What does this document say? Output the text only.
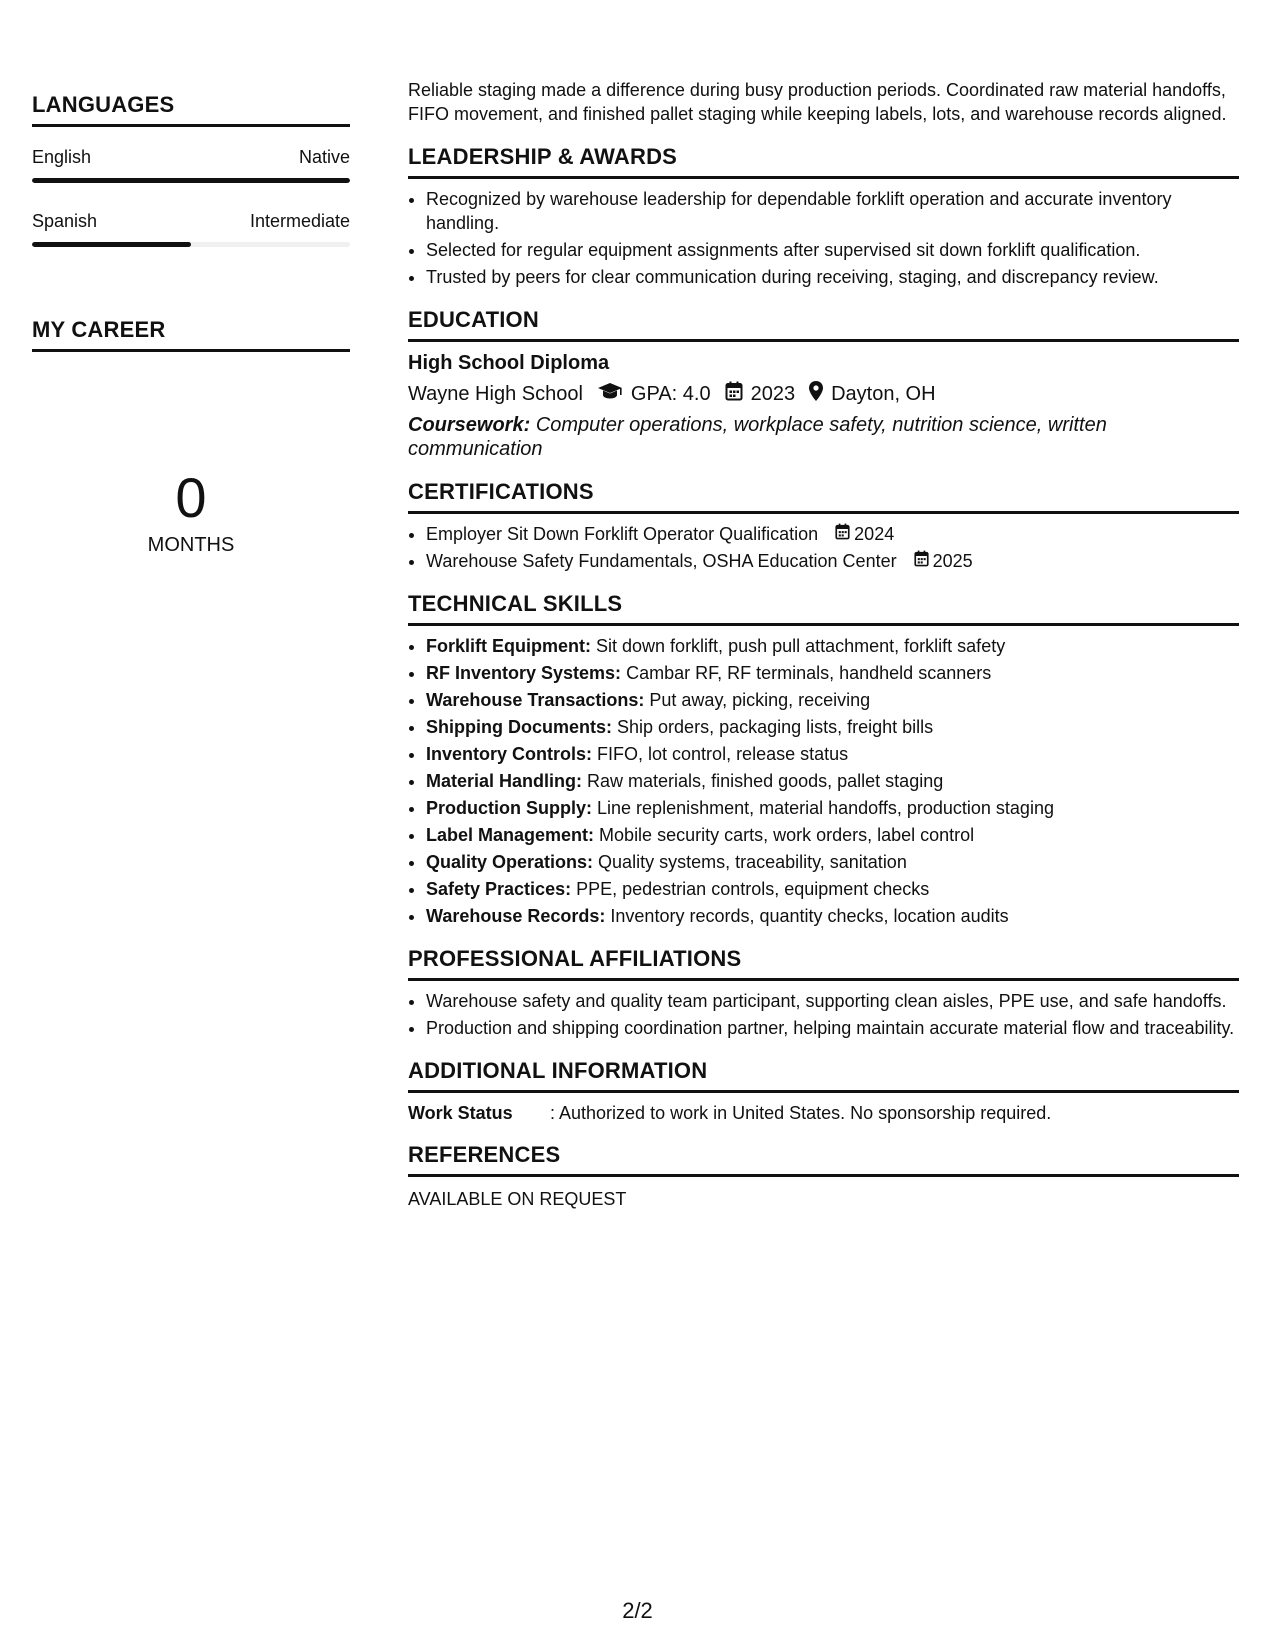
LANGUAGES
English	Native
Spanish	Intermediate
MY CAREER
0
MONTHS

Reliable staging made a difference during busy production periods. Coordinated raw material handoffs, FIFO movement, and finished pallet staging while keeping labels, lots, and warehouse records aligned.

LEADERSHIP & AWARDS
• Recognized by warehouse leadership for dependable forklift operation and accurate inventory handling.
• Selected for regular equipment assignments after supervised sit down forklift qualification.
• Trusted by peers for clear communication during receiving, staging, and discrepancy review.
EDUCATION
High School Diploma
Wayne High School GPA: 4.0 2023 Dayton, OH
Coursework: Computer operations, workplace safety, nutrition science, written communication
CERTIFICATIONS
• Employer Sit Down Forklift Operator Qualification 2024
• Warehouse Safety Fundamentals, OSHA Education Center 2025
TECHNICAL SKILLS
• Forklift Equipment: Sit down forklift, push pull attachment, forklift safety
• RF Inventory Systems: Cambar RF, RF terminals, handheld scanners
• Warehouse Transactions: Put away, picking, receiving
• Shipping Documents: Ship orders, packaging lists, freight bills
• Inventory Controls: FIFO, lot control, release status
• Material Handling: Raw materials, finished goods, pallet staging
• Production Supply: Line replenishment, material handoffs, production staging
• Label Management: Mobile security carts, work orders, label control
• Quality Operations: Quality systems, traceability, sanitation
• Safety Practices: PPE, pedestrian controls, equipment checks
• Warehouse Records: Inventory records, quantity checks, location audits
PROFESSIONAL AFFILIATIONS
• Warehouse safety and quality team participant, supporting clean aisles, PPE use, and safe handoffs.
• Production and shipping coordination partner, helping maintain accurate material flow and traceability.
ADDITIONAL INFORMATION
Work Status	: Authorized to work in United States. No sponsorship required.
REFERENCES
AVAILABLE ON REQUEST
2/2
